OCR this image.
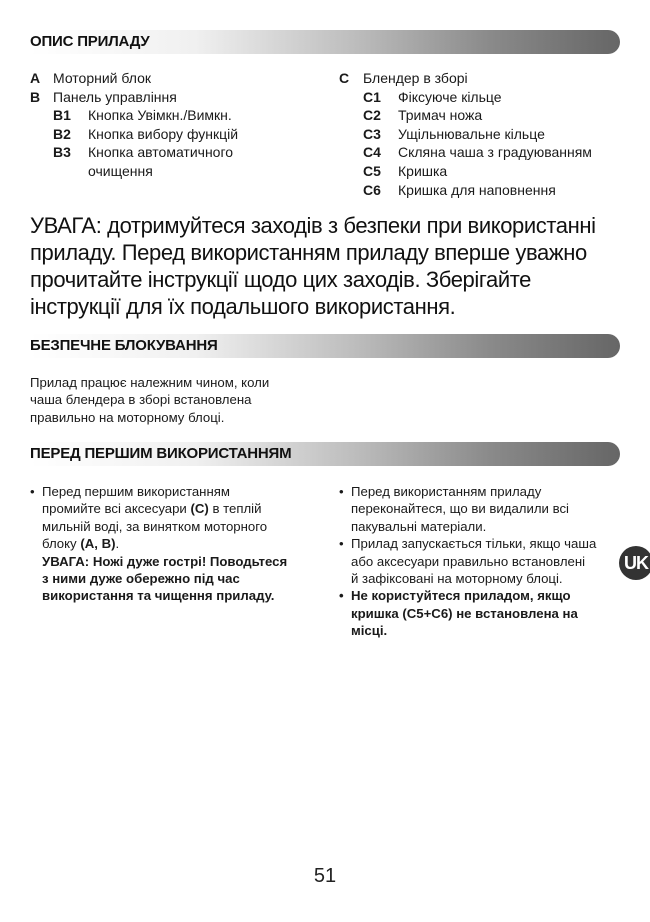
ОПИС ПРИЛАДУ
A Моторний блок
B Панель управління
B1	Кнопка Увімкн./Вимкн.
B2	Кнопка вибору функцій
B3	Кнопка автоматичного
очищення
C Блендер в зборі
C1	Фіксуюче кільце
C2	Тримач ножа
C3	Ущільнювальне кільце
C4	Скляна чаша з градуюванням
C5	Кришка
C6	Кришка для наповнення
УВАГА: дотримуйтеся заходів з безпеки при використанні
приладу. Перед використанням приладу вперше уважно
прочитайте інструкції щодо цих заходів. Зберігайте
інструкції для їх подальшого використання.
БЕЗПЕЧНЕ БЛОКУВАННЯ
Прилад працює належним чином, коли
чаша блендера в зборі встановлена
правильно на моторному блоці.
ПЕРЕД ПЕРШИМ ВИКОРИСТАННЯМ
• Перед першим використанням
промийте всі аксесуари (C) в теплій
мильній воді, за винятком моторного
блоку (A, B).
УВАГА: Ножі дуже гострі! Поводьтеся
з ними дуже обережно під час
використання та чищення приладу.
• Перед використанням приладу
переконайтеся, що ви видалили всі
пакувальні матеріали.
• Прилад запускається тільки, якщо чаша
або аксесуари правильно встановлені
й зафіксовані на моторному блоці.
• Не користуйтеся приладом, якщо
кришка (C5+C6) не встановлена на
місці.
UK
51
